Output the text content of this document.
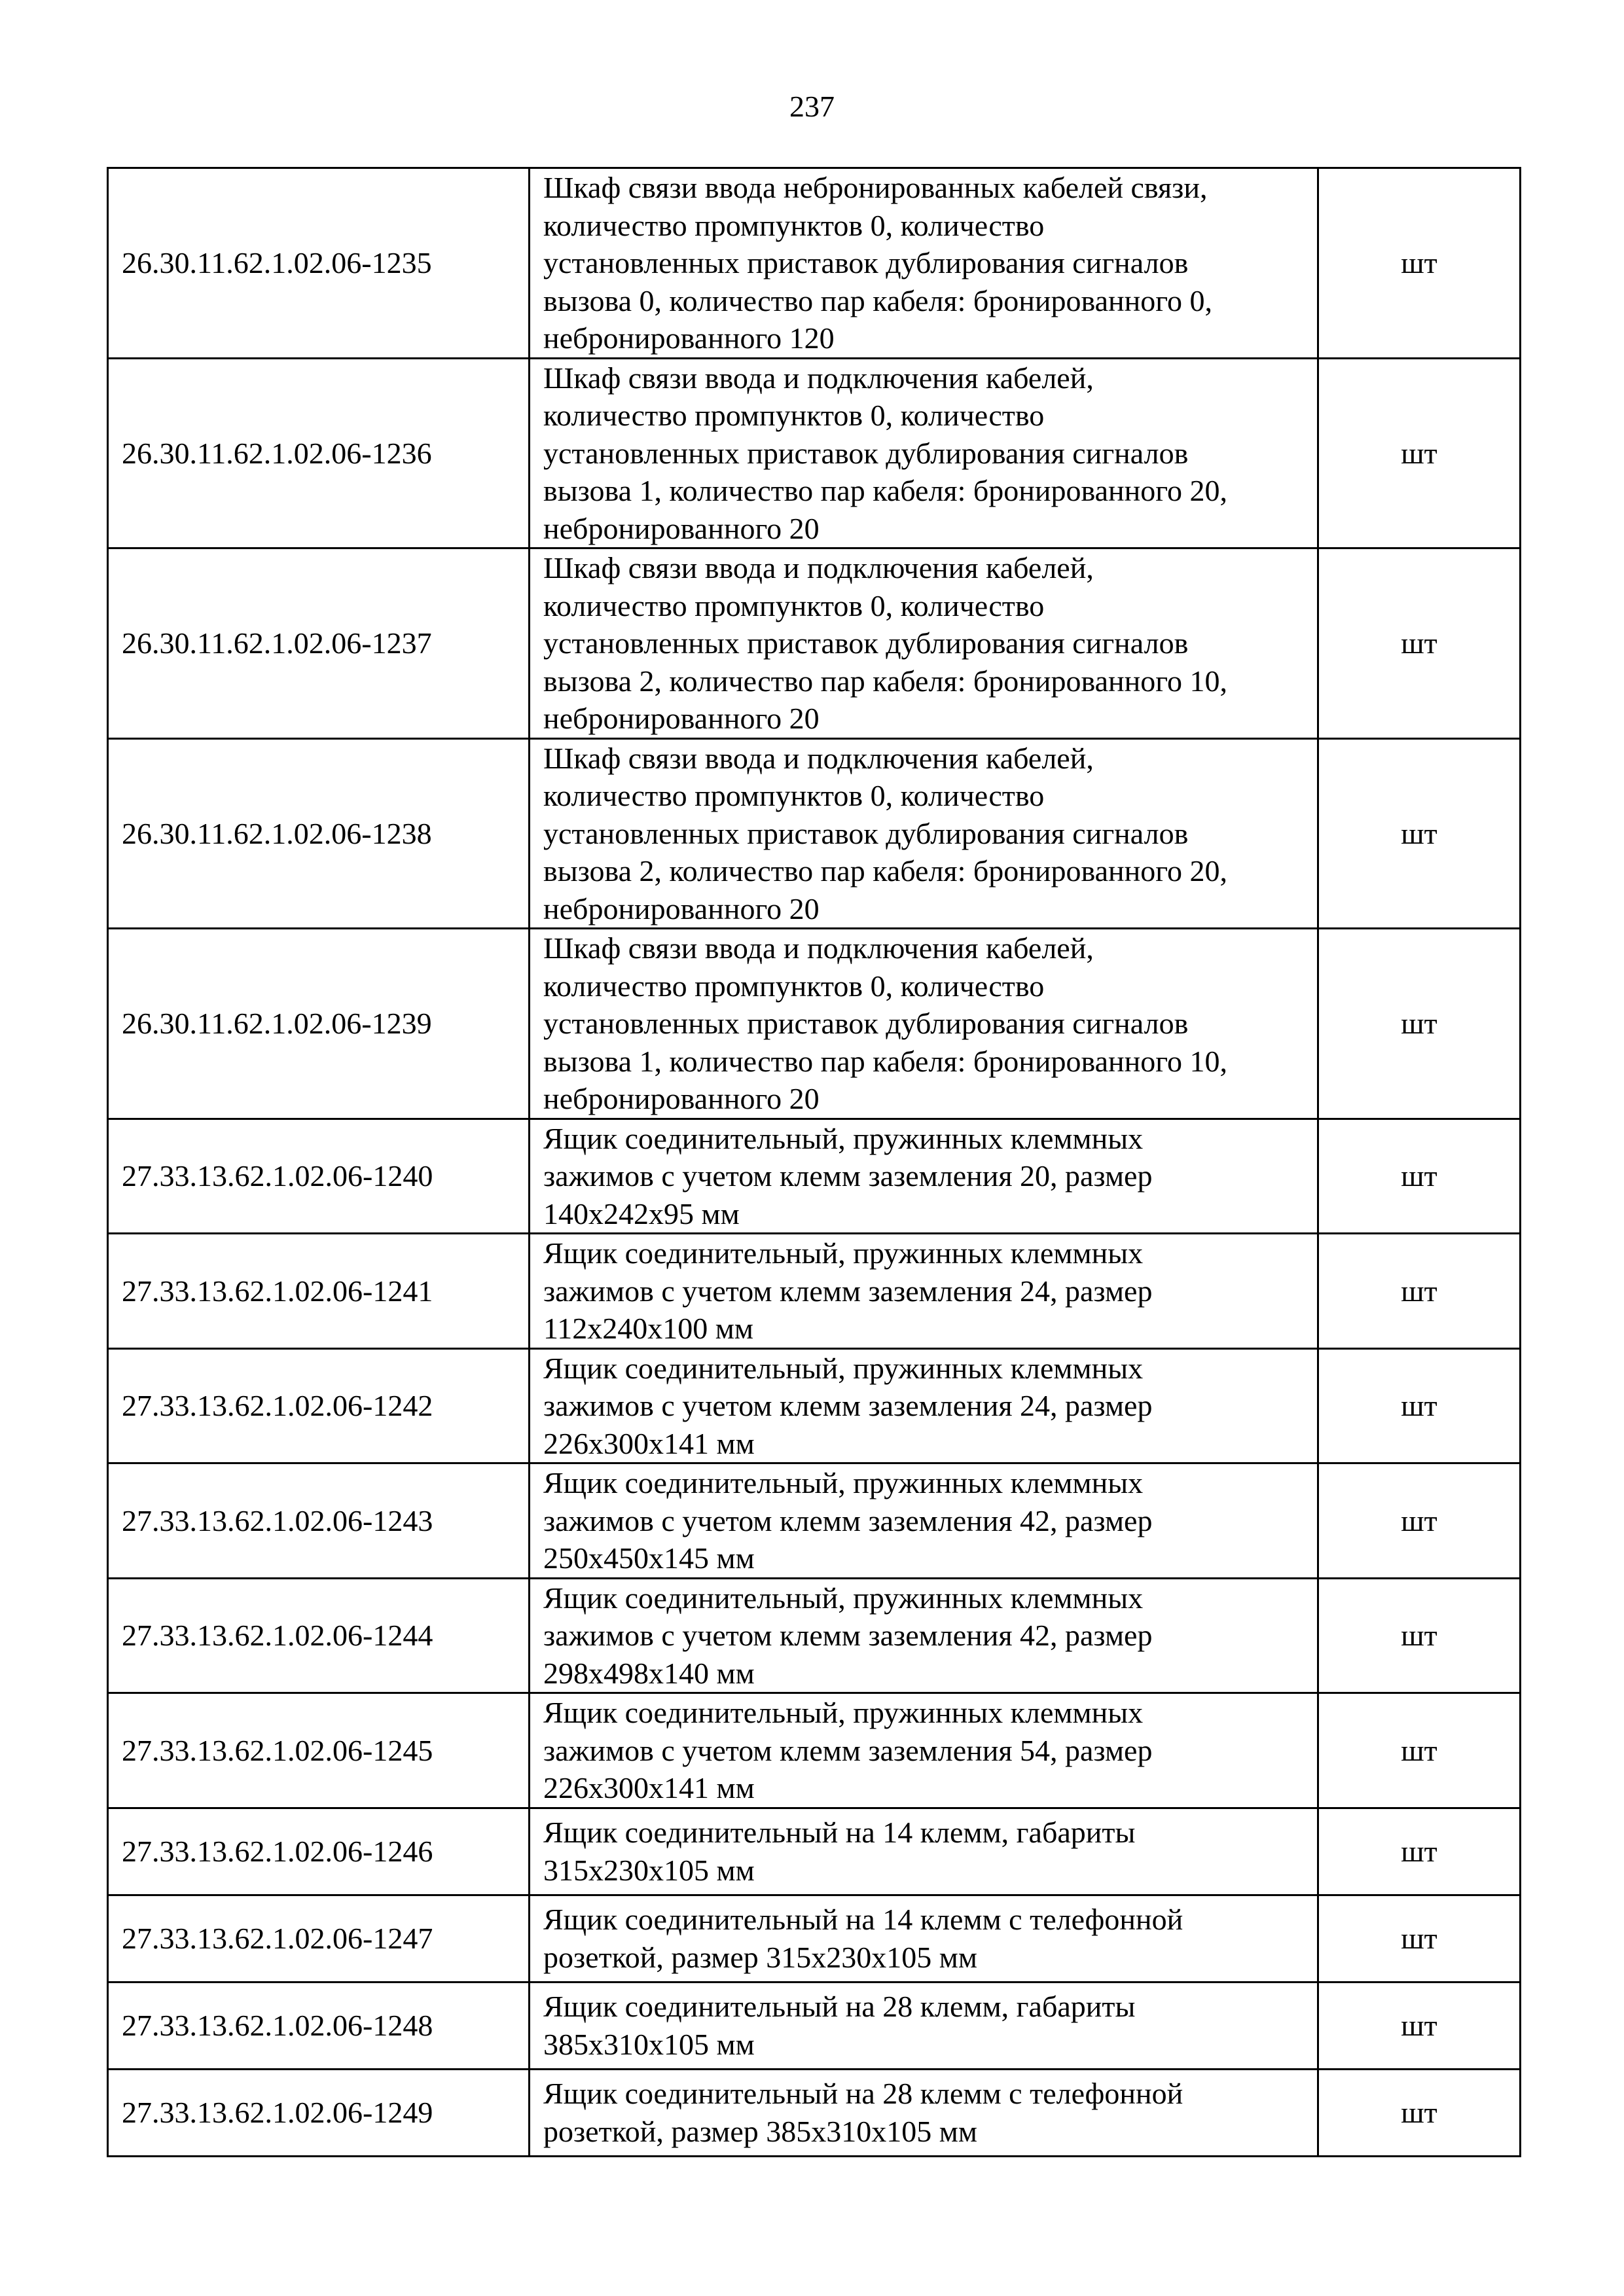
237
26.30.11.62.1.02.06-1235	Шкаф связи ввода небронированных кабелей связи,
количество промпунктов 0, количество
установленных приставок дублирования сигналов
вызова 0, количество пар кабеля: бронированного 0,
небронированного 120	шт
26.30.11.62.1.02.06-1236	Шкаф связи ввода и подключения кабелей,
количество промпунктов 0, количество
установленных приставок дублирования сигналов
вызова 1, количество пар кабеля: бронированного 20,
небронированного 20	шт
26.30.11.62.1.02.06-1237	Шкаф связи ввода и подключения кабелей,
количество промпунктов 0, количество
установленных приставок дублирования сигналов
вызова 2, количество пар кабеля: бронированного 10,
небронированного 20	шт
26.30.11.62.1.02.06-1238	Шкаф связи ввода и подключения кабелей,
количество промпунктов 0, количество
установленных приставок дублирования сигналов
вызова 2, количество пар кабеля: бронированного 20,
небронированного 20	шт
26.30.11.62.1.02.06-1239	Шкаф связи ввода и подключения кабелей,
количество промпунктов 0, количество
установленных приставок дублирования сигналов
вызова 1, количество пар кабеля: бронированного 10,
небронированного 20	шт
27.33.13.62.1.02.06-1240	Ящик соединительный, пружинных клеммных
зажимов с учетом клемм заземления 20, размер
140x242x95 мм	шт
27.33.13.62.1.02.06-1241	Ящик соединительный, пружинных клеммных
зажимов с учетом клемм заземления 24, размер
112x240x100 мм	шт
27.33.13.62.1.02.06-1242	Ящик соединительный, пружинных клеммных
зажимов с учетом клемм заземления 24, размер
226x300x141 мм	шт
27.33.13.62.1.02.06-1243	Ящик соединительный, пружинных клеммных
зажимов с учетом клемм заземления 42, размер
250x450x145 мм	шт
27.33.13.62.1.02.06-1244	Ящик соединительный, пружинных клеммных
зажимов с учетом клемм заземления 42, размер
298x498x140 мм	шт
27.33.13.62.1.02.06-1245	Ящик соединительный, пружинных клеммных
зажимов с учетом клемм заземления 54, размер
226x300x141 мм	шт
27.33.13.62.1.02.06-1246	Ящик соединительный на 14 клемм, габариты
315x230x105 мм	шт
27.33.13.62.1.02.06-1247	Ящик соединительный на 14 клемм с телефонной
розеткой, размер 315x230x105 мм	шт
27.33.13.62.1.02.06-1248	Ящик соединительный на 28 клемм, габариты
385x310x105 мм	шт
27.33.13.62.1.02.06-1249	Ящик соединительный на 28 клемм с телефонной
розеткой, размер 385x310x105 мм	шт
